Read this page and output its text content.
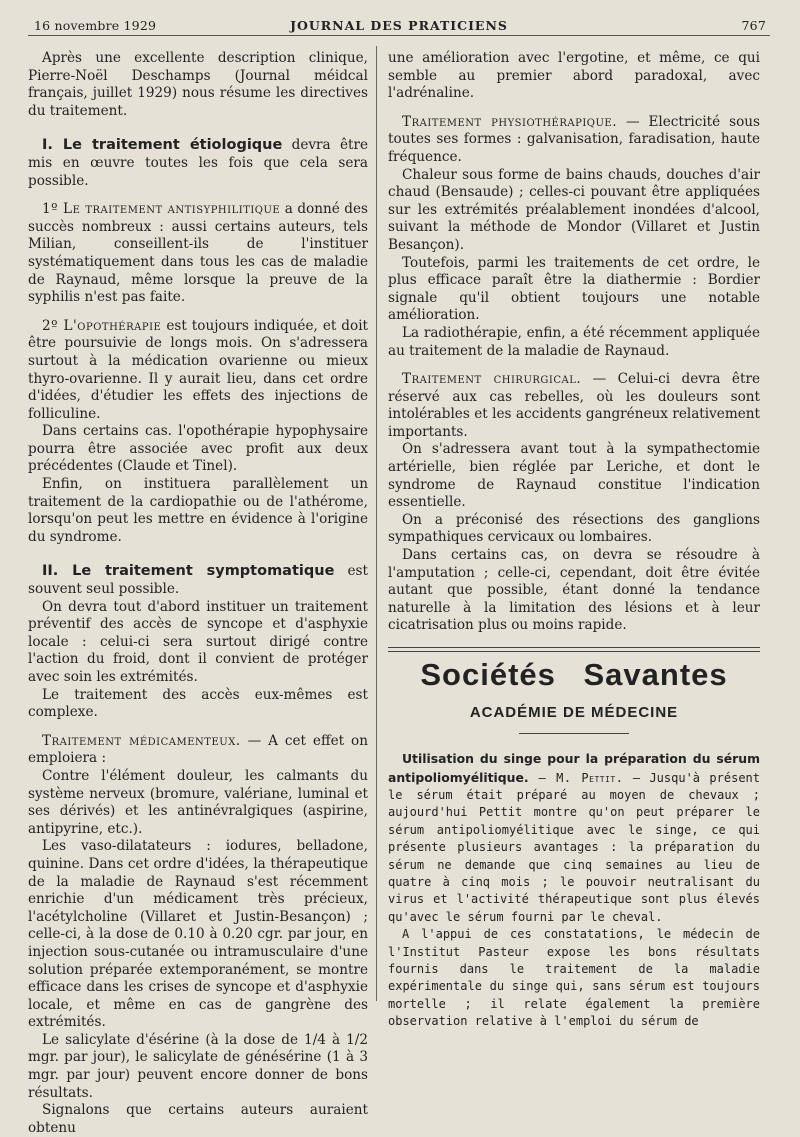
16 novembre 1929	JOURNAL DES PRATICIENS	767

Après une excellente description clinique, Pierre-Noël Deschamps (Journal méidcal français, juillet 1929) nous résume les directives du traitement.

I. Le traitement étiologique devra être mis en œuvre toutes les fois que cela sera possible.

1º Le traitement antisyphilitique a donné des succès nombreux : aussi certains auteurs, tels Milian, conseillent-ils de l'instituer systématiquement dans tous les cas de maladie de Raynaud, même lorsque la preuve de la syphilis n'est pas faite.

2º L'opothérapie est toujours indiquée, et doit être poursuivie de longs mois. On s'adressera surtout à la médication ovarienne ou mieux thyro-ovarienne. Il y aurait lieu, dans cet ordre d'idées, d'étudier les effets des injections de folliculine.

Dans certains cas. l'opothérapie hypophysaire pourra être associée avec profit aux deux précédentes (Claude et Tinel).

Enfin, on instituera parallèlement un traitement de la cardiopathie ou de l'athérome, lorsqu'on peut les mettre en évidence à l'origine du syndrome.

II. Le traitement symptomatique est souvent seul possible.

On devra tout d'abord instituer un traitement préventif des accès de syncope et d'asphyxie locale : celui-ci sera surtout dirigé contre l'action du froid, dont il convient de protéger avec soin les extrémités.

Le traitement des accès eux-mêmes est complexe.

Traitement médicamenteux. — A cet effet on emploiera :

Contre l'élément douleur, les calmants du système nerveux (bromure, valériane, luminal et ses dérivés) et les antinévralgiques (aspirine, antipyrine, etc.).

Les vaso-dilatateurs : iodures, belladone, quinine. Dans cet ordre d'idées, la thérapeutique de la maladie de Raynaud s'est récemment enrichie d'un médicament très précieux, l'acétylcholine (Villaret et Justin-Besançon) ; celle-ci, à la dose de 0.10 à 0.20 cgr. par jour, en injection sous-cutanée ou intramusculaire d'une solution préparée extemporanément, se montre efficace dans les crises de syncope et d'asphyxie locale, et même en cas de gangrène des extrémités.

Le salicylate d'ésérine (à la dose de 1/4 à 1/2 mgr. par jour), le salicylate de génésérine (1 à 3 mgr. par jour) peuvent encore donner de bons résultats.

Signalons que certains auteurs auraient obtenu

une amélioration avec l'ergotine, et même, ce qui semble au premier abord paradoxal, avec l'adrénaline.

Traitement physiothérapique. — Electricité sous toutes ses formes : galvanisation, faradisation, haute fréquence.

Chaleur sous forme de bains chauds, douches d'air chaud (Bensaude) ; celles-ci pouvant être appliquées sur les extrémités préalablement inondées d'alcool, suivant la méthode de Mondor (Villaret et Justin Besançon).

Toutefois, parmi les traitements de cet ordre, le plus efficace paraît être la diathermie : Bordier signale qu'il obtient toujours une notable amélioration.

La radiothérapie, enfin, a été récemment appliquée au traitement de la maladie de Raynaud.

Traitement chirurgical. — Celui-ci devra être réservé aux cas rebelles, où les douleurs sont intolérables et les accidents gangréneux relativement importants.

On s'adressera avant tout à la sympathectomie artérielle, bien réglée par Leriche, et dont le syndrome de Raynaud constitue l'indication essentielle.

On a préconisé des résections des ganglions sympathiques cervicaux ou lombaires.

Dans certains cas, on devra se résoudre à l'amputation ; celle-ci, cependant, doit être évitée autant que possible, étant donné la tendance naturelle à la limitation des lésions et à leur cicatrisation plus ou moins rapide.

Sociétés Savantes
ACADÉMIE DE MÉDECINE

Utilisation du singe pour la préparation du sérum antipoliomyélitique. — M. Pettit. — Jusqu'à présent le sérum était préparé au moyen de chevaux ; aujourd'hui Pettit montre qu'on peut préparer le sérum antipoliomyélitique avec le singe, ce qui présente plusieurs avantages : la préparation du sérum ne demande que cinq semaines au lieu de quatre à cinq mois ; le pouvoir neutralisant du virus et l'activité thérapeutique sont plus élevés qu'avec le sérum fourni par le cheval.

A l'appui de ces constatations, le médecin de l'Institut Pasteur expose les bons résultats fournis dans le traitement de la maladie expérimentale du singe qui, sans sérum est toujours mortelle ; il relate également la première observation relative à l'emploi du sérum de
